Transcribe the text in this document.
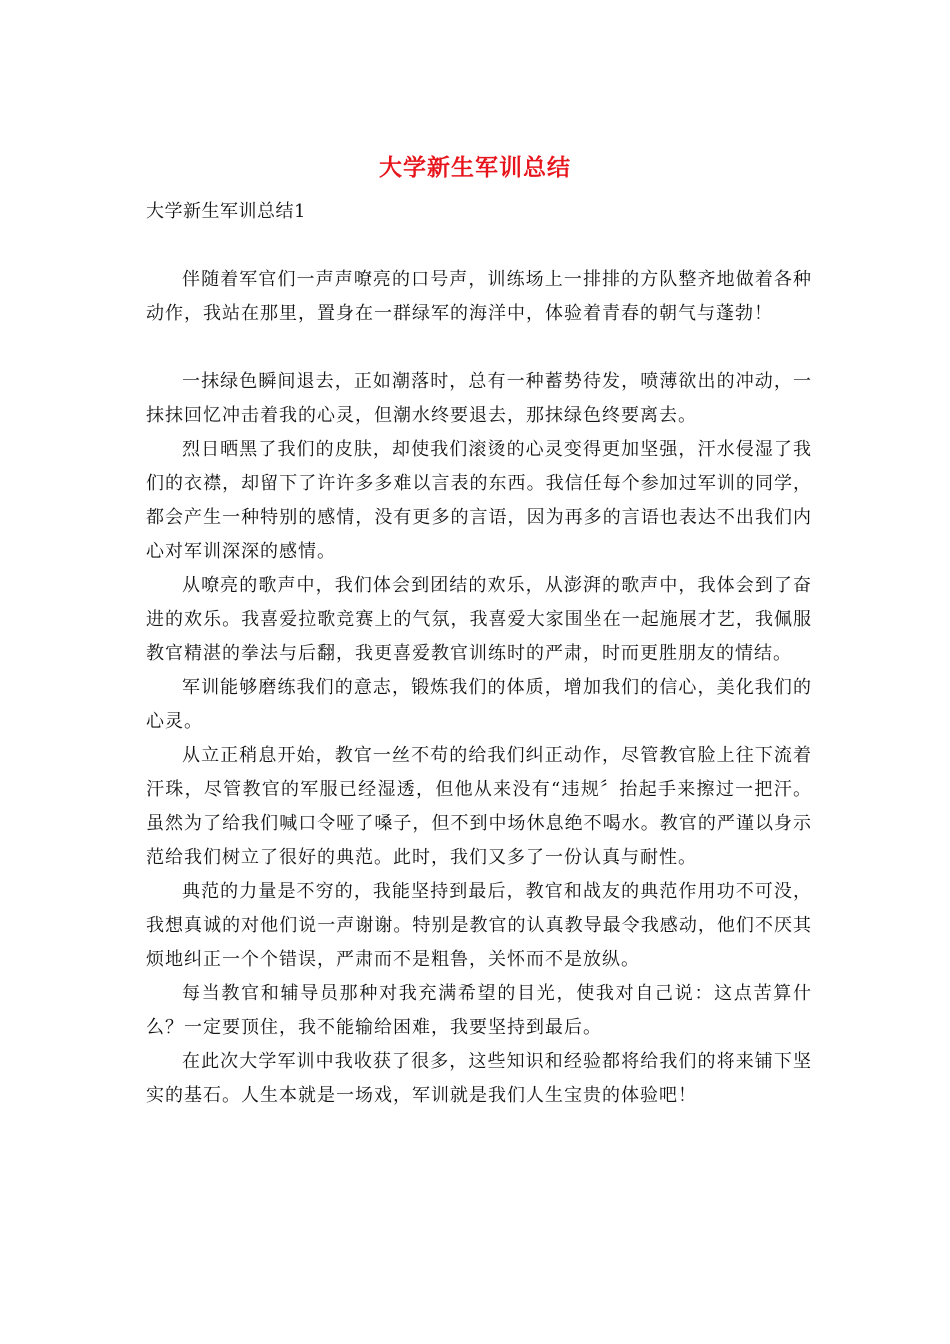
大学新生军训总结
大学新生军训总结1

伴随着军官们一声声嘹亮的口号声，训练场上一排排的方队整齐地做着各种动作，我站在那里，置身在一群绿军的海洋中，体验着青春的朝气与蓬勃！

一抹绿色瞬间退去，正如潮落时，总有一种蓄势待发，喷薄欲出的冲动，一抹抹回忆冲击着我的心灵，但潮水终要退去，那抹绿色终要离去。

烈日晒黑了我们的皮肤，却使我们滚烫的心灵变得更加坚强，汗水侵湿了我们的衣襟，却留下了许许多多难以言表的东西。我信任每个参加过军训的同学，都会产生一种特别的感情，没有更多的言语，因为再多的言语也表达不出我们内心对军训深深的感情。

从嘹亮的歌声中，我们体会到团结的欢乐，从澎湃的歌声中，我体会到了奋进的欢乐。我喜爱拉歌竞赛上的气氛，我喜爱大家围坐在一起施展才艺，我佩服教官精湛的拳法与后翻，我更喜爱教官训练时的严肃，时而更胜朋友的情结。

军训能够磨练我们的意志，锻炼我们的体质，增加我们的信心，美化我们的心灵。

从立正稍息开始，教官一丝不苟的给我们纠正动作，尽管教官脸上往下流着汗珠，尽管教官的军服已经湿透，但他从来没有“违规〞抬起手来擦过一把汗。虽然为了给我们喊口令哑了嗓子，但不到中场休息绝不喝水。教官的严谨以身示范给我们树立了很好的典范。此时，我们又多了一份认真与耐性。

典范的力量是不穷的，我能坚持到最后，教官和战友的典范作用功不可没，我想真诚的对他们说一声谢谢。特别是教官的认真教导最令我感动，他们不厌其烦地纠正一个个错误，严肃而不是粗鲁，关怀而不是放纵。

每当教官和辅导员那种对我充满希望的目光，使我对自己说：这点苦算什么？一定要顶住，我不能输给困难，我要坚持到最后。

在此次大学军训中我收获了很多，这些知识和经验都将给我们的将来铺下坚实的基石。人生本就是一场戏，军训就是我们人生宝贵的体验吧！
